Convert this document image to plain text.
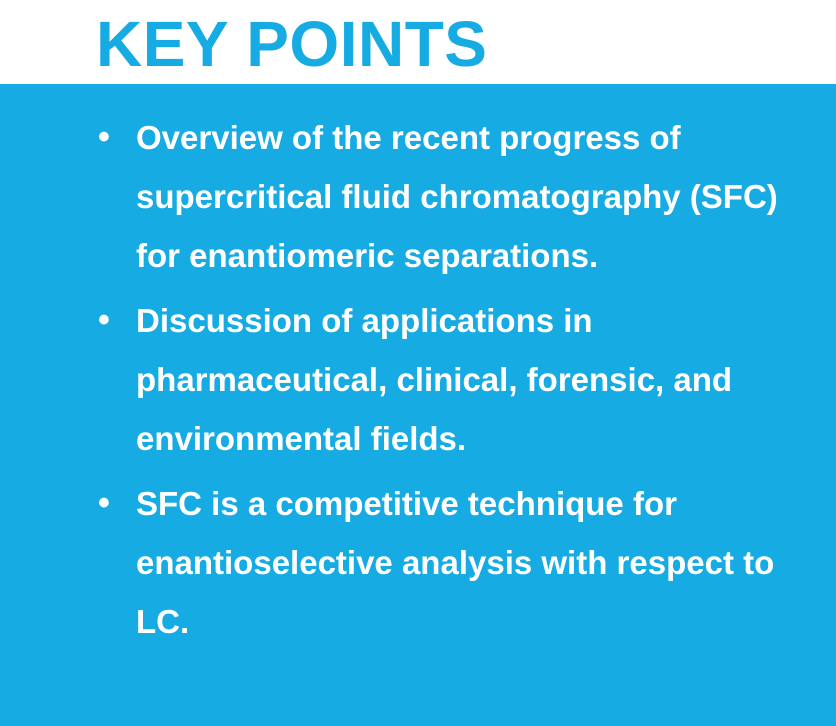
KEY POINTS
• Overview of the recent progress of supercritical fluid chromatography (SFC) for enantiomeric separations.
• Discussion of applications in pharmaceutical, clinical, forensic, and environmental fields.
• SFC is a competitive technique for enantioselective analysis with respect to LC.
